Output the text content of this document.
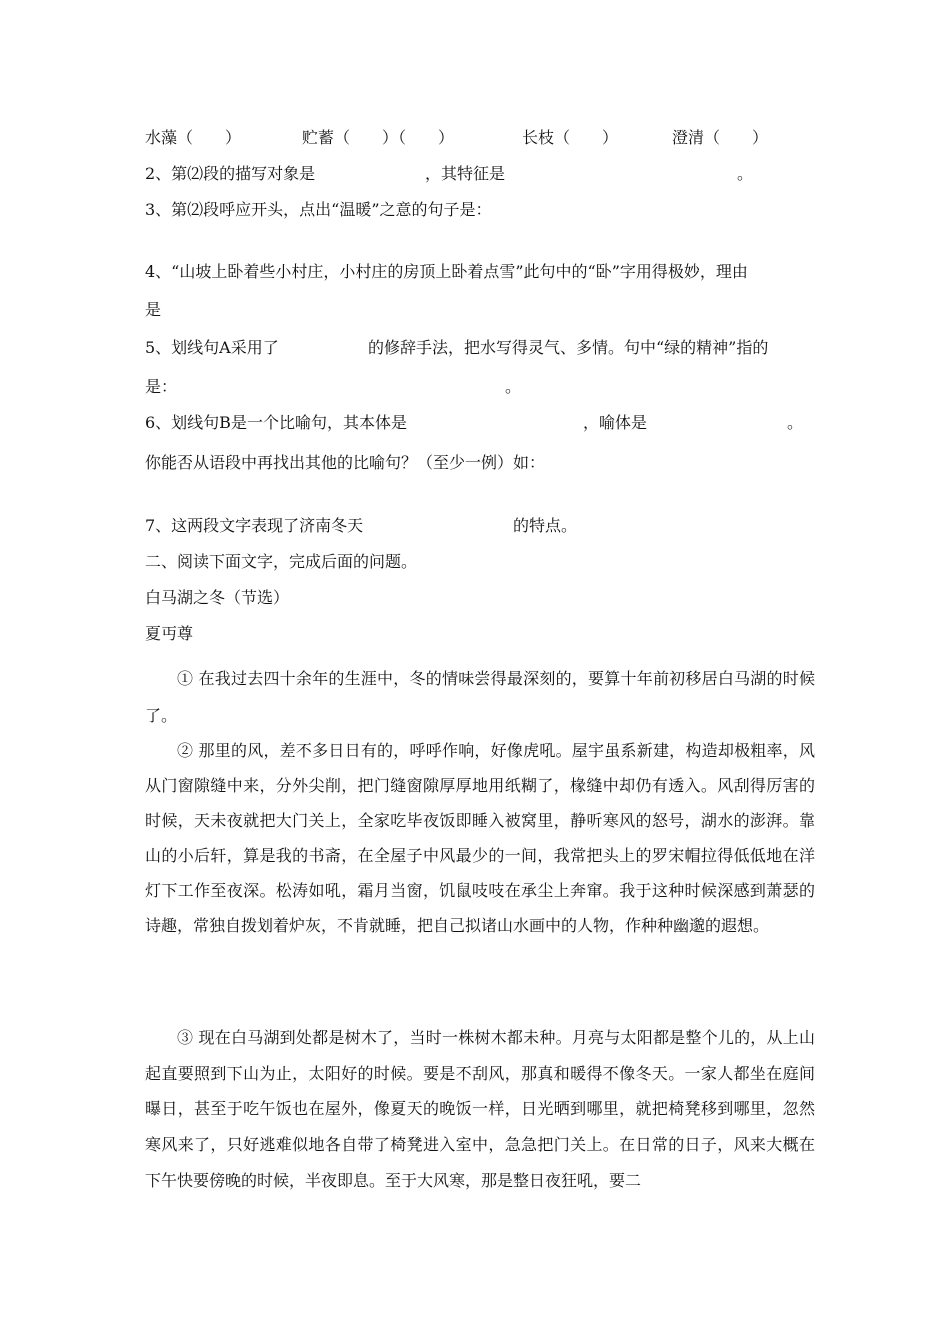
水藻（　　）	贮蓄（　　）（　　）	长枝（　　）	澄清（　　）
2、第⑵段的描写对象是	，其特征是	。
3、第⑵段呼应开头，点出“温暖”之意的句子是：
4、“山坡上卧着些小村庄，小村庄的房顶上卧着点雪”此句中的“卧”字用得极妙，理由
是
5、划线句A采用了	的修辞手法，把水写得灵气、多情。句中“绿的精神”指的
是：	。
6、划线句B是一个比喻句，其本体是	，喻体是	。
你能否从语段中再找出其他的比喻句？（至少一例）如：
7、这两段文字表现了济南冬天	的特点。
二、阅读下面文字，完成后面的问题。
白马湖之冬（节选）
夏丏尊
① 在我过去四十余年的生涯中，冬的情味尝得最深刻的，要算十年前初移居白马湖的时候了。
② 那里的风，差不多日日有的，呼呼作响，好像虎吼。屋宇虽系新建，构造却极粗率，风从门窗隙缝中来，分外尖削，把门缝窗隙厚厚地用纸糊了，椽缝中却仍有透入。风刮得厉害的时候，天未夜就把大门关上，全家吃毕夜饭即睡入被窝里，静听寒风的怒号，湖水的澎湃。靠山的小后轩，算是我的书斋，在全屋子中风最少的一间，我常把头上的罗宋帽拉得低低地在洋灯下工作至夜深。松涛如吼，霜月当窗，饥鼠吱吱在承尘上奔窜。我于这种时候深感到萧瑟的诗趣，常独自拨划着炉灰，不肯就睡，把自己拟诸山水画中的人物，作种种幽邈的遐想。
③ 现在白马湖到处都是树木了，当时一株树木都未种。月亮与太阳都是整个儿的，从上山起直要照到下山为止，太阳好的时候。要是不刮风，那真和暖得不像冬天。一家人都坐在庭间曝日，甚至于吃午饭也在屋外，像夏天的晚饭一样，日光晒到哪里，就把椅凳移到哪里，忽然寒风来了，只好逃难似地各自带了椅凳进入室中，急急把门关上。在日常的日子，风来大概在下午快要傍晚的时候，半夜即息。至于大风寒，那是整日夜狂吼，要二
